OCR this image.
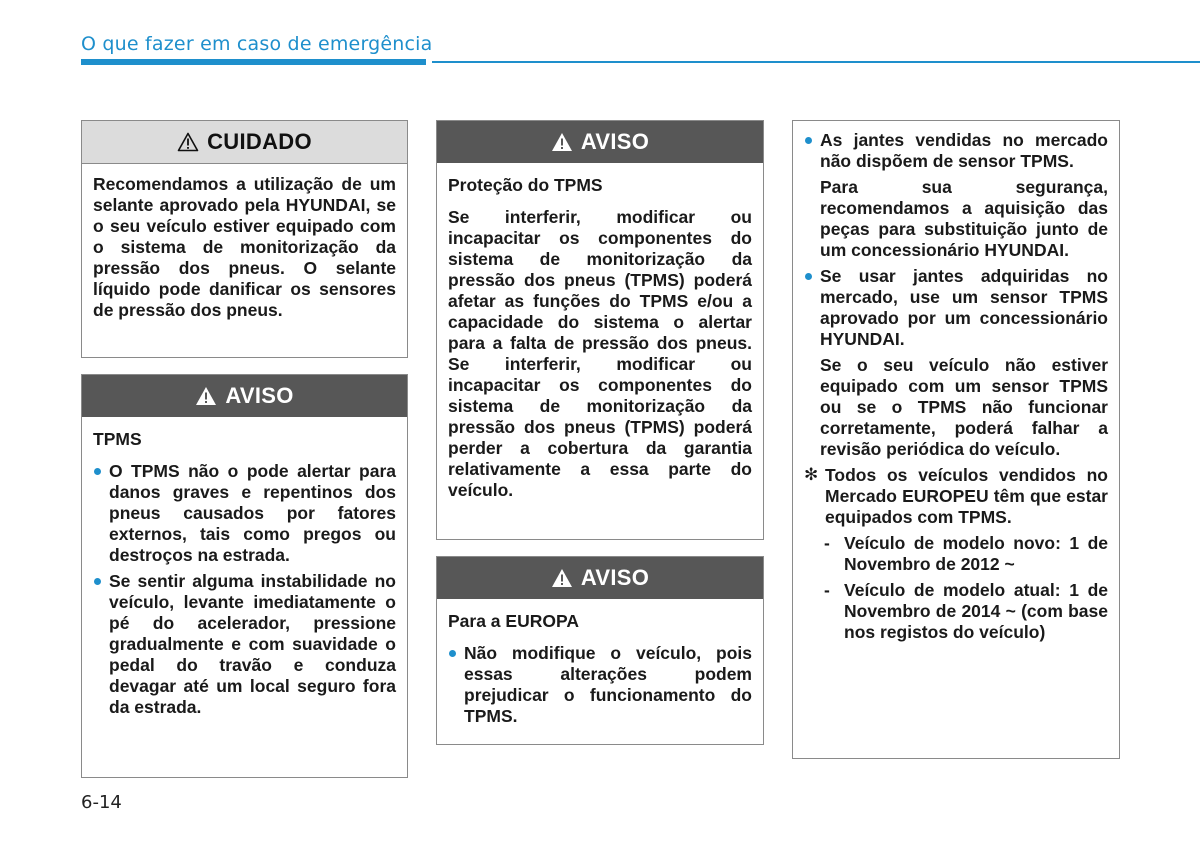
O que fazer em caso de emergência
CUIDADO

Recomendamos a utilização de um selante aprovado pela HYUNDAI, se o seu veículo estiver equipado com o sistema de monitorização da pressão dos pneus. O selante líquido pode danificar os sensores de pressão dos pneus.

AVISO

TPMS

O TPMS não o pode alertar para danos graves e repentinos dos pneus causados por fatores externos, tais como pregos ou destroços na estrada.
Se sentir alguma instabilidade no veículo, levante imediatamente o pé do acelerador, pressione gradualmente e com suavidade o pedal do travão e conduza devagar até um local seguro fora da estrada.
AVISO

Proteção do TPMS

Se interferir, modificar ou incapacitar os componentes do sistema de monitorização da pressão dos pneus (TPMS) poderá afetar as funções do TPMS e/ou a capacidade do sistema o alertar para a falta de pressão dos pneus. Se interferir, modificar ou incapacitar os componentes do sistema de monitorização da pressão dos pneus (TPMS) poderá perder a cobertura da garantia relativamente a essa parte do veículo.

AVISO

Para a EUROPA

Não modifique o veículo, pois essas alterações podem prejudicar o funcionamento do TPMS.
As jantes vendidas no mercado não dispõem de sensor TPMS.

Para sua segurança, recomendamos a aquisição das peças para substituição junto de um concessionário HYUNDAI.

Se usar jantes adquiridas no mercado, use um sensor TPMS aprovado por um concessionário HYUNDAI.

Se o seu veículo não estiver equipado com um sensor TPMS ou se o TPMS não funcionar corretamente, poderá falhar a revisão periódica do veículo.

✻ Todos os veículos vendidos no Mercado EUROPEU têm que estar equipados com TPMS.
- Veículo de modelo novo: 1 de Novembro de 2012 ~
- Veículo de modelo atual: 1 de Novembro de 2014 ~ (com base nos registos do veículo)
6-14
